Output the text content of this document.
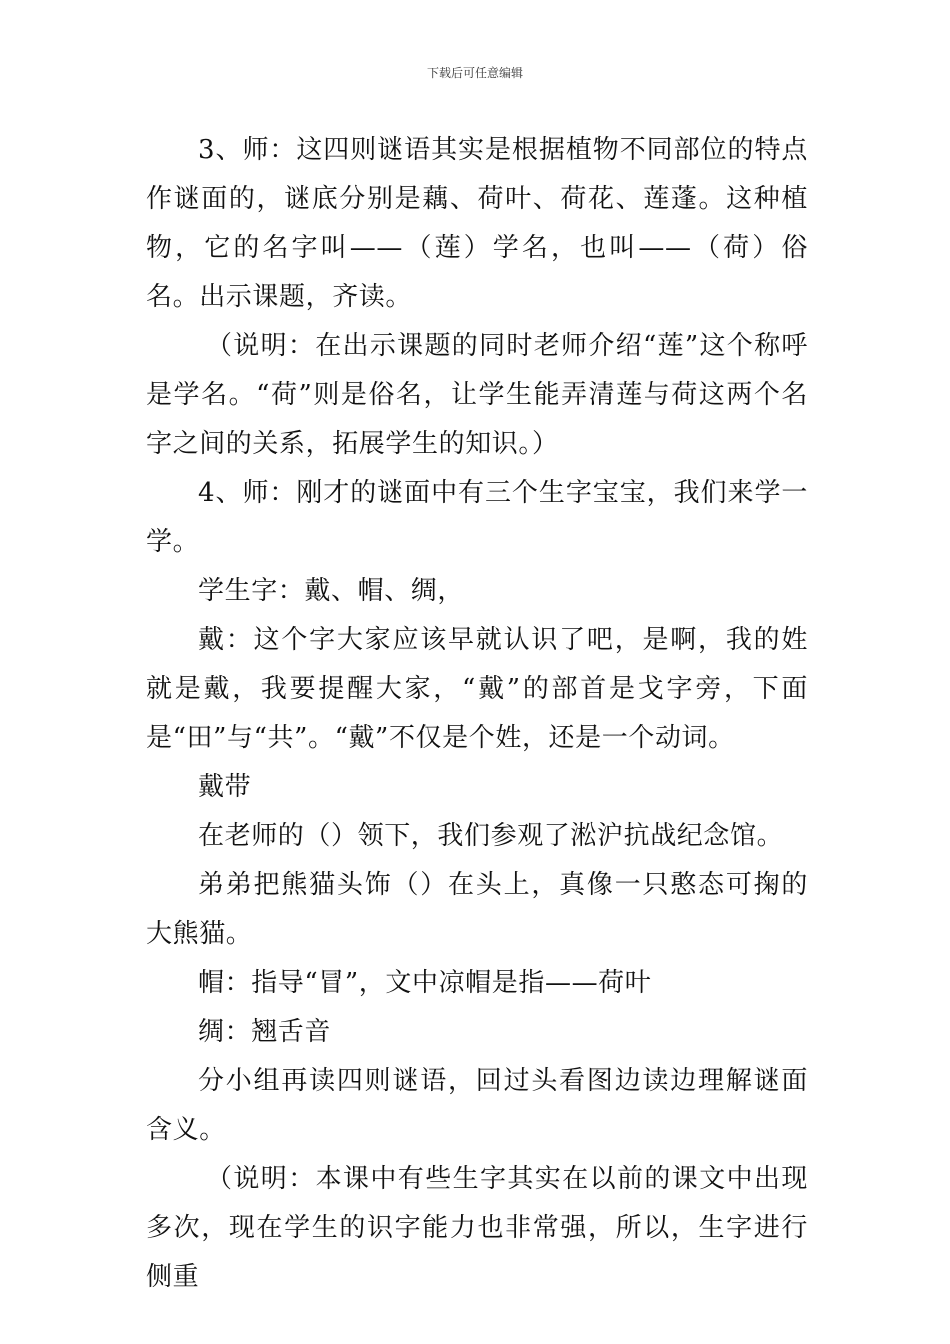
下载后可任意编辑

3、师：这四则谜语其实是根据植物不同部位的特点作谜面的，谜底分别是藕、荷叶、荷花、莲蓬。这种植物，它的名字叫——（莲）学名，也叫——（荷）俗名。出示课题，齐读。

（说明：在出示课题的同时老师介绍“莲”这个称呼是学名。“荷”则是俗名，让学生能弄清莲与荷这两个名字之间的关系，拓展学生的知识。）

4、师：刚才的谜面中有三个生字宝宝，我们来学一学。

学生字：戴、帽、绸，

戴：这个字大家应该早就认识了吧，是啊，我的姓就是戴，我要提醒大家，“戴”的部首是戈字旁，下面是“田”与“共”。“戴”不仅是个姓，还是一个动词。

戴带

在老师的（）领下，我们参观了淞沪抗战纪念馆。

弟弟把熊猫头饰（）在头上，真像一只憨态可掬的大熊猫。

帽：指导“冒”，文中凉帽是指——荷叶

绸：翘舌音

分小组再读四则谜语，回过头看图边读边理解谜面含义。

（说明：本课中有些生字其实在以前的课文中出现多次，现在学生的识字能力也非常强，所以，生字进行侧重
